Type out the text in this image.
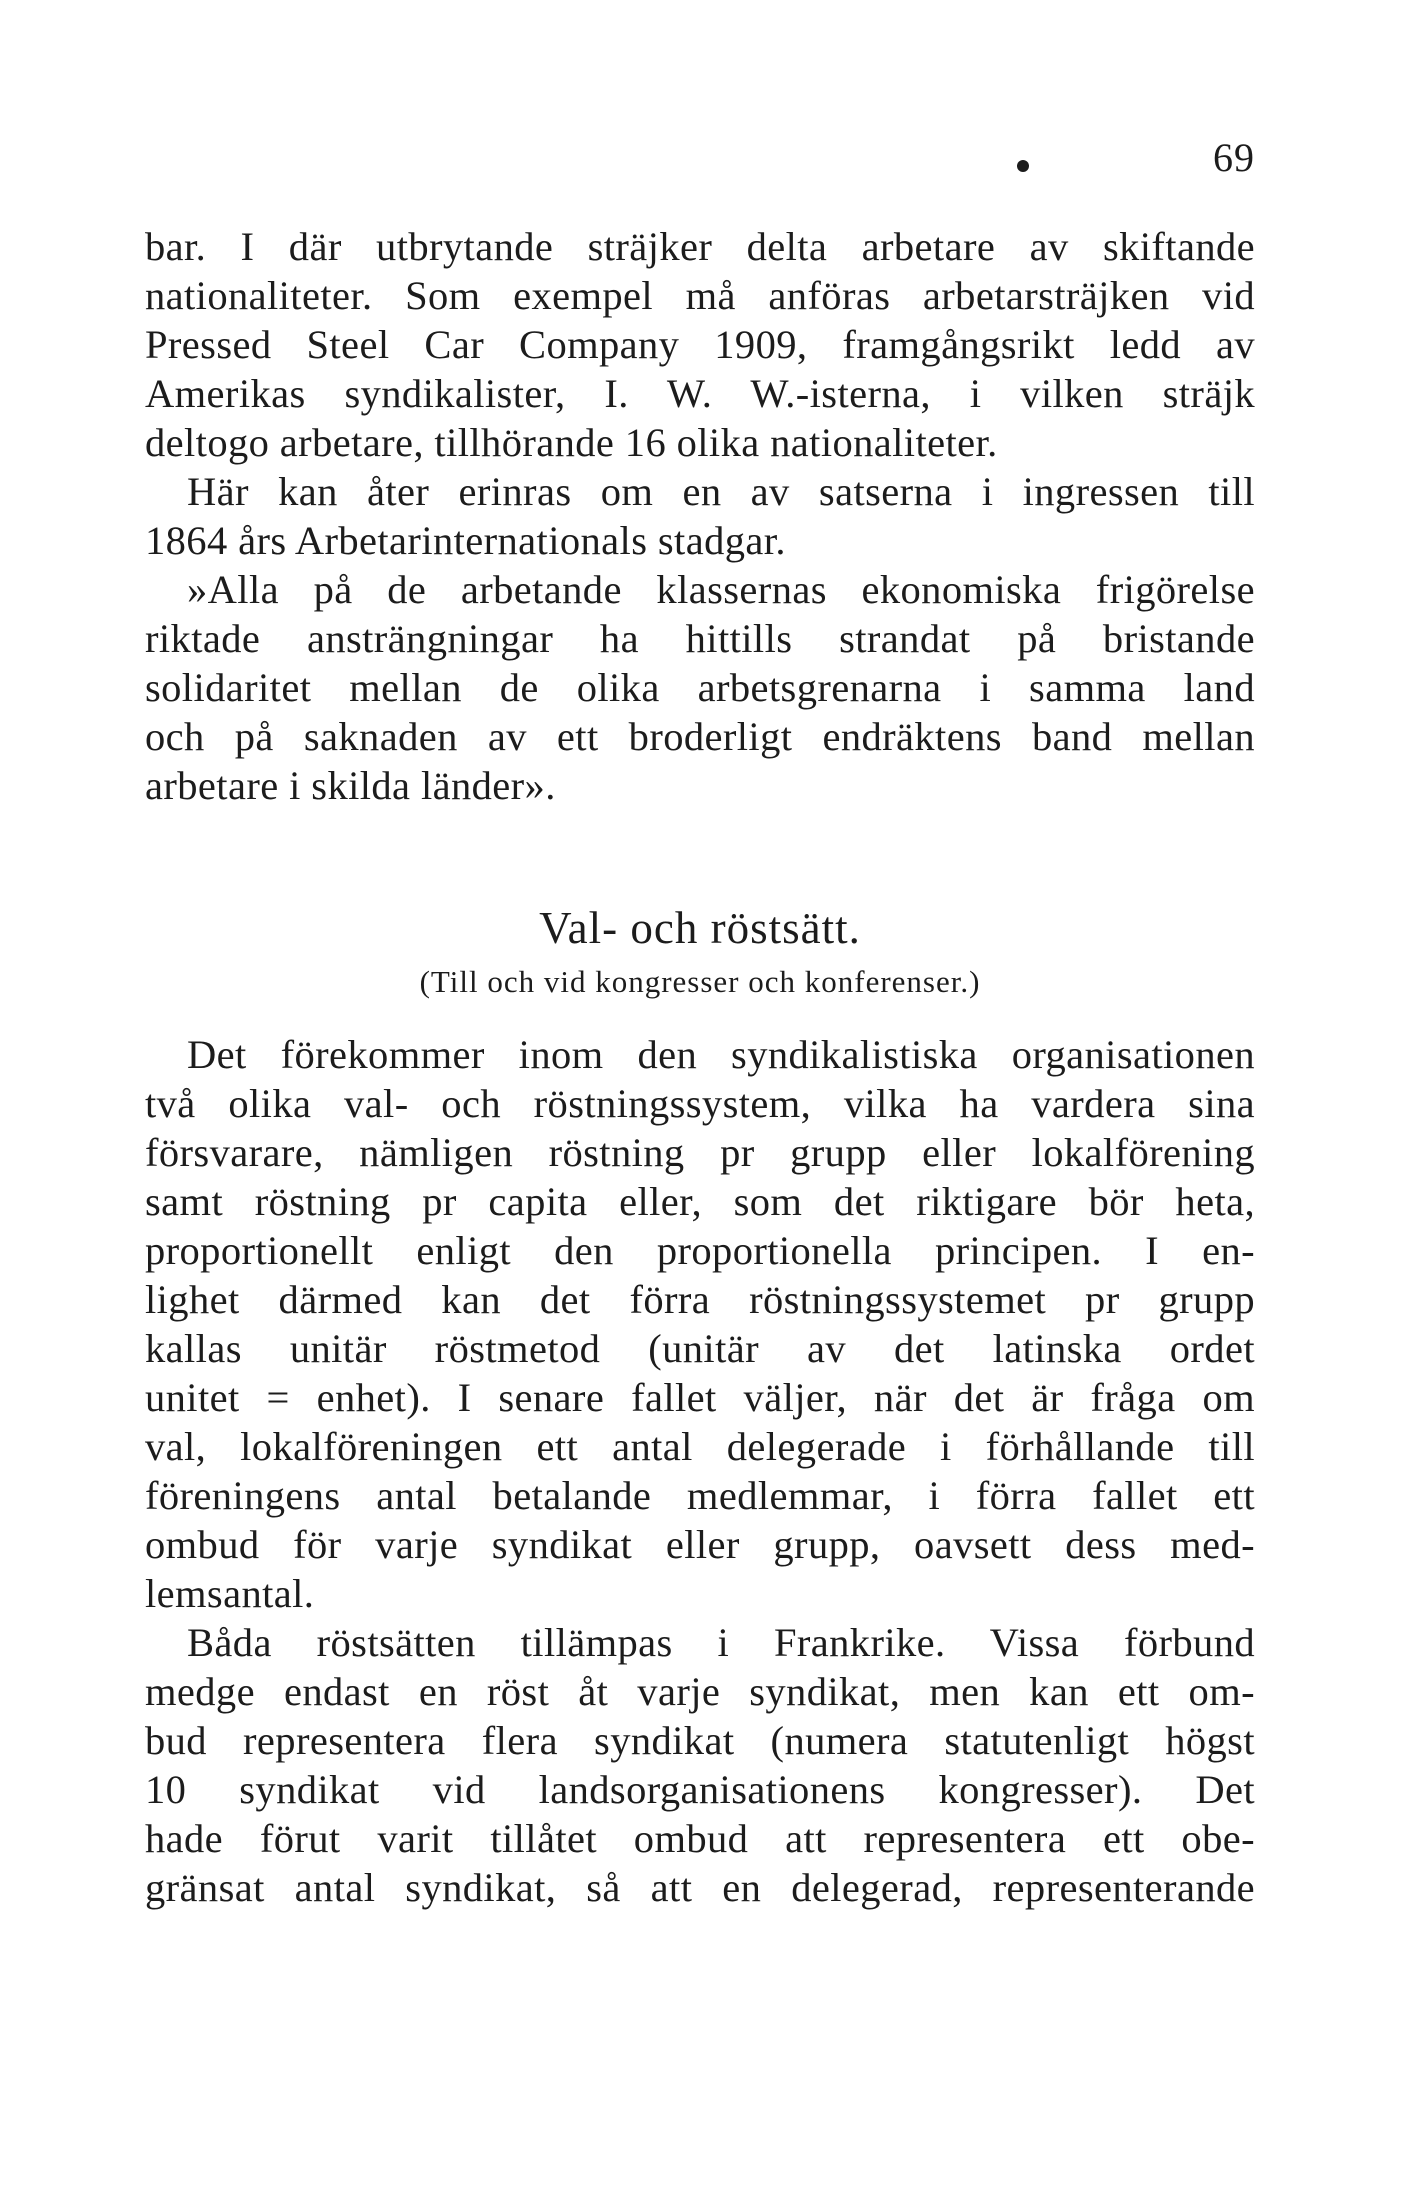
69
bar. I där utbrytande sträjker delta arbetare av skiftande
nationaliteter. Som exempel må anföras arbetarsträjken vid
Pressed Steel Car Company 1909, framgångsrikt ledd av
Amerikas syndikalister, I. W. W.-isterna, i vilken sträjk
deltogo arbetare, tillhörande 16 olika nationaliteter.
Här kan åter erinras om en av satserna i ingressen till
1864 års Arbetarinternationals stadgar.
»Alla på de arbetande klassernas ekonomiska frigörelse
riktade ansträngningar ha hittills strandat på bristande
solidaritet mellan de olika arbetsgrenarna i samma land
och på saknaden av ett broderligt endräktens band mellan
arbetare i skilda länder».
Val- och röstsätt.
(Till och vid kongresser och konferenser.)
Det förekommer inom den syndikalistiska organisationen
två olika val- och röstningssystem, vilka ha vardera sina
försvarare, nämligen röstning pr grupp eller lokalförening
samt röstning pr capita eller, som det riktigare bör heta,
proportionellt enligt den proportionella principen. I en-
lighet därmed kan det förra röstningssystemet pr grupp
kallas unitär röstmetod (unitär av det latinska ordet
unitet = enhet). I senare fallet väljer, när det är fråga om
val, lokalföreningen ett antal delegerade i förhållande till
föreningens antal betalande medlemmar, i förra fallet ett
ombud för varje syndikat eller grupp, oavsett dess med-
lemsantal.
Båda röstsätten tillämpas i Frankrike. Vissa förbund
medge endast en röst åt varje syndikat, men kan ett om-
bud representera flera syndikat (numera statutenligt högst
10 syndikat vid landsorganisationens kongresser). Det
hade förut varit tillåtet ombud att representera ett obe-
gränsat antal syndikat, så att en delegerad, representerande
